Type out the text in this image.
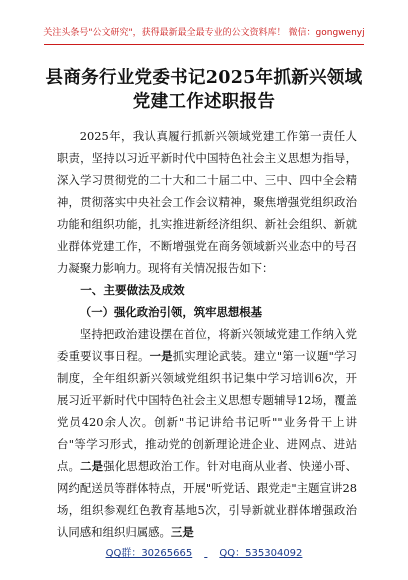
关注头条号"公文研究"，获得最新最全最专业的公文资料库！ 微信：gongwenyj
县商务行业党委书记2025年抓新兴领域
党建工作述职报告

2025年，我认真履行抓新兴领域党建工作第一责任人职责，坚持以习近平新时代中国特色社会主义思想为指导，深入学习贯彻党的二十大和二十届二中、三中、四中全会精神，贯彻落实中央社会工作会议精神，聚焦增强党组织政治功能和组织功能，扎实推进新经济组织、新社会组织、新就业群体党建工作，不断增强党在商务领域新兴业态中的号召力凝聚力影响力。现将有关情况报告如下：

一、主要做法及成效

（一）强化政治引领，筑牢思想根基

坚持把政治建设摆在首位，将新兴领域党建工作纳入党委重要议事日程。一是抓实理论武装。建立"第一议题"学习制度，全年组织新兴领域党组织书记集中学习培训6次，开展习近平新时代中国特色社会主义思想专题辅导12场，覆盖党员420余人次。创新"书记讲给书记听""业务骨干上讲台"等学习形式，推动党的创新理论进企业、进网点、进站点。二是强化思想政治工作。针对电商从业者、快递小哥、网约配送员等群体特点，开展"听党话、跟党走"主题宣讲28场，组织参观红色教育基地5次，引导新就业群体增强政治认同感和组织归属感。三是

QQ群：30265665	QQ：535304092
